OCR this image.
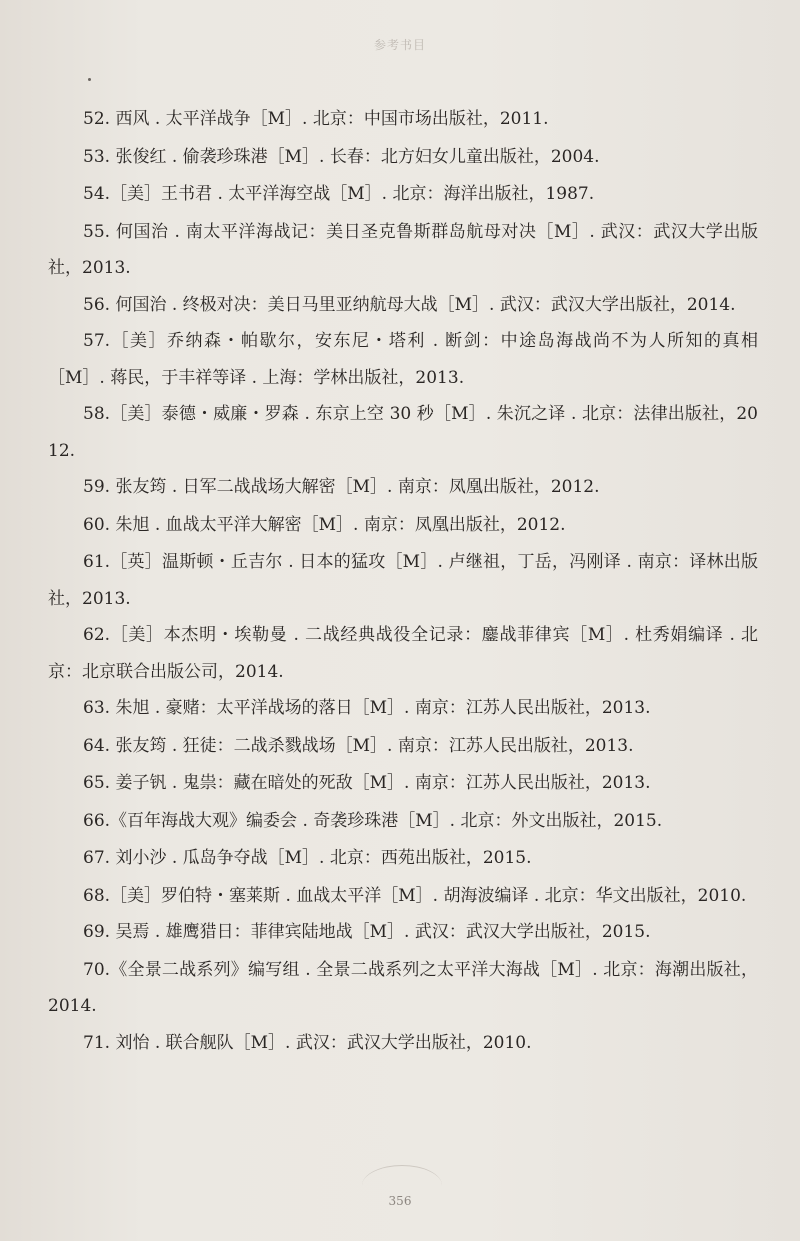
参考书目

52. 西风 . 太平洋战争［M］. 北京：中国市场出版社，2011.

53. 张俊红 . 偷袭珍珠港［M］. 长春：北方妇女儿童出版社，2004.

54.［美］王书君 . 太平洋海空战［M］. 北京：海洋出版社，1987.

55. 何国治 . 南太平洋海战记：美日圣克鲁斯群岛航母对决［M］. 武汉：武汉大学出版社，2013.

56. 何国治 . 终极对决：美日马里亚纳航母大战［M］. 武汉：武汉大学出版社，2014.

57.［美］乔纳森・帕歇尔，安东尼・塔利 . 断剑：中途岛海战尚不为人所知的真相［M］. 蒋民，于丰祥等译 . 上海：学林出版社，2013.

58.［美］泰德・威廉・罗森 . 东京上空 30 秒［M］. 朱沉之译 . 北京：法律出版社，2012.

59. 张友筠 . 日军二战战场大解密［M］. 南京：凤凰出版社，2012.

60. 朱旭 . 血战太平洋大解密［M］. 南京：凤凰出版社，2012.

61.［英］温斯顿・丘吉尔 . 日本的猛攻［M］. 卢继祖，丁岳，冯刚译 . 南京：译林出版社，2013.

62.［美］本杰明・埃勒曼 . 二战经典战役全记录：鏖战菲律宾［M］. 杜秀娟编译 . 北京：北京联合出版公司，2014.

63. 朱旭 . 豪赌：太平洋战场的落日［M］. 南京：江苏人民出版社，2013.

64. 张友筠 . 狂徒：二战杀戮战场［M］. 南京：江苏人民出版社，2013.

65. 姜子钒 . 鬼祟：藏在暗处的死敌［M］. 南京：江苏人民出版社，2013.

66.《百年海战大观》编委会 . 奇袭珍珠港［M］. 北京：外文出版社，2015.

67. 刘小沙 . 瓜岛争夺战［M］. 北京：西苑出版社，2015.

68.［美］罗伯特・塞莱斯 . 血战太平洋［M］. 胡海波编译 . 北京：华文出版社，2010.

69. 吴焉 . 雄鹰猎日：菲律宾陆地战［M］. 武汉：武汉大学出版社，2015.

70.《全景二战系列》编写组 . 全景二战系列之太平洋大海战［M］. 北京：海潮出版社，2014.

71. 刘怡 . 联合舰队［M］. 武汉：武汉大学出版社，2010.

356
